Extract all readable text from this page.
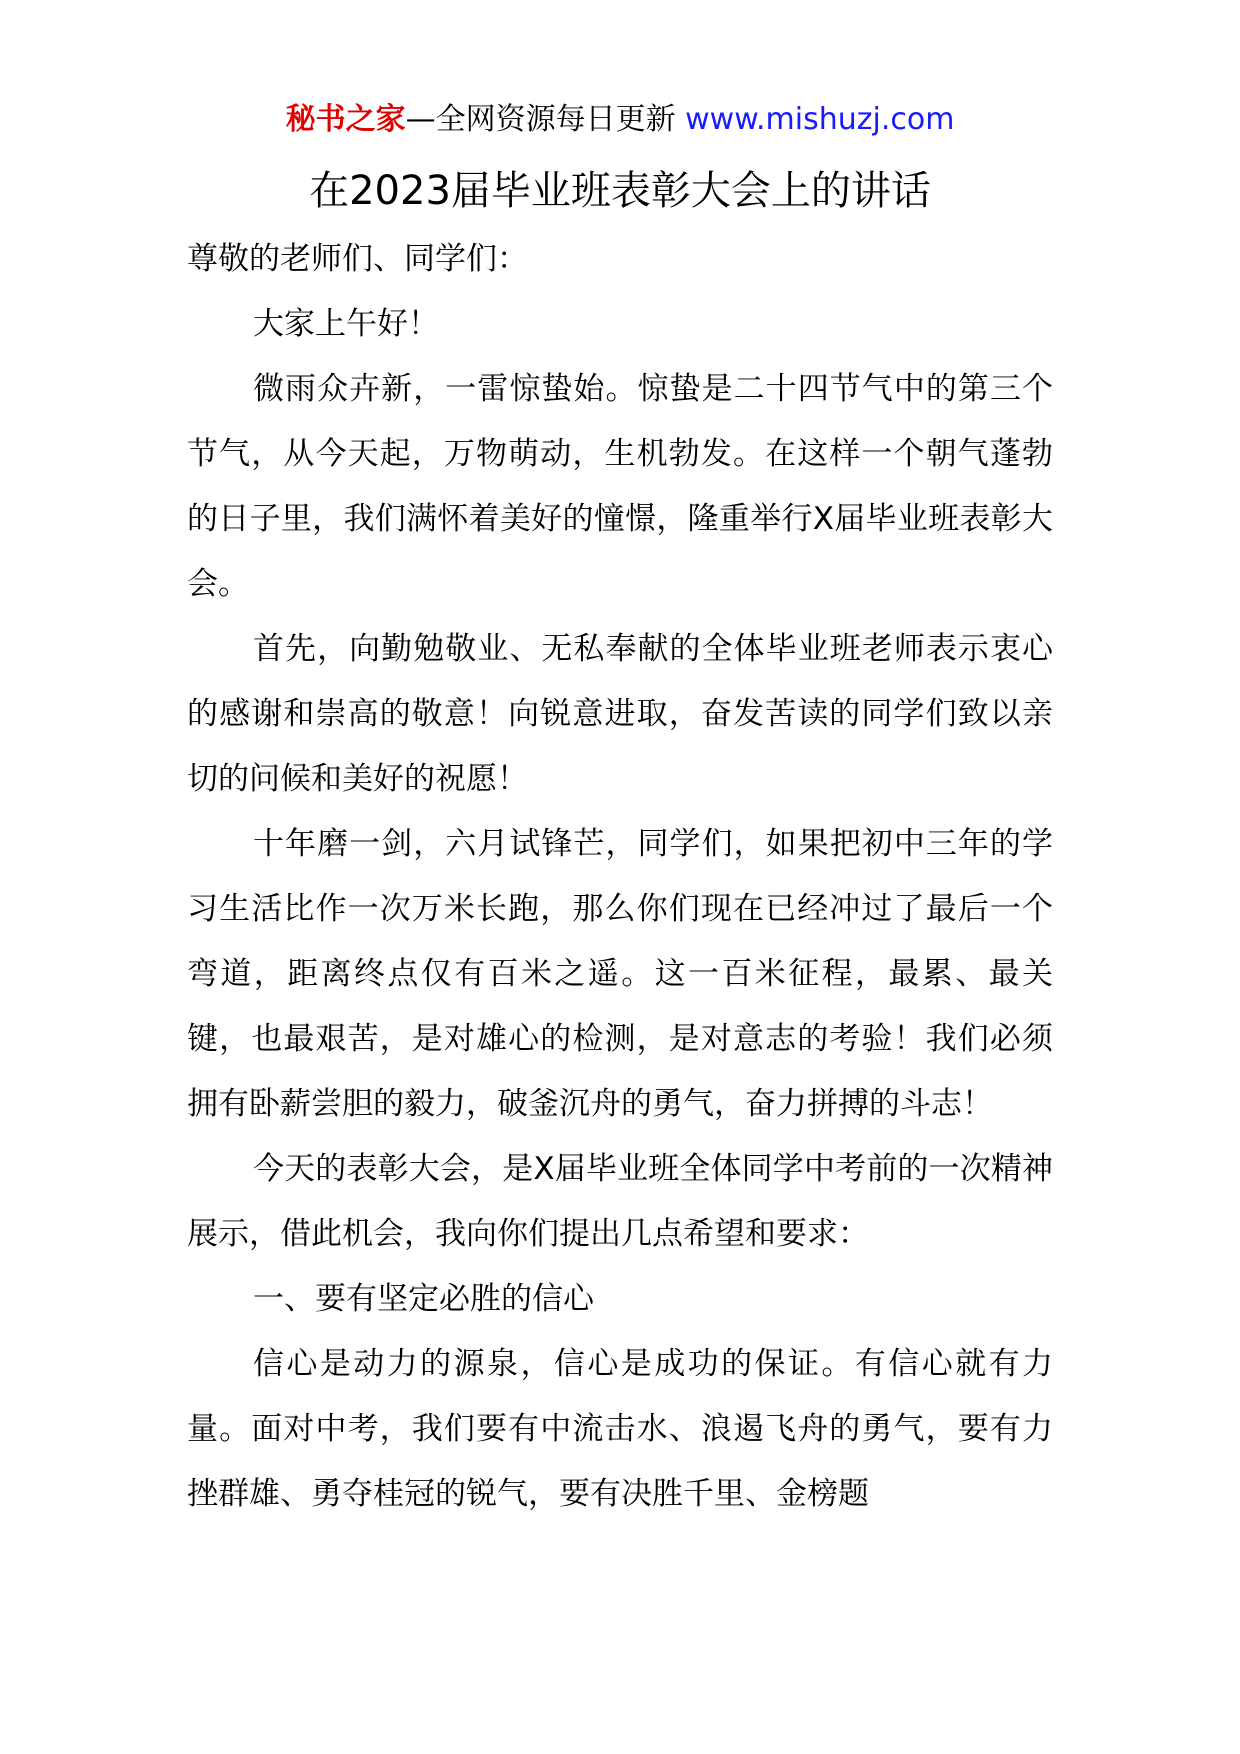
秘书之家—全网资源每日更新 www.mishuzj.com
在2023届毕业班表彰大会上的讲话

尊敬的老师们、同学们：

大家上午好！

微雨众卉新，一雷惊蛰始。惊蛰是二十四节气中的第三个节气，从今天起，万物萌动，生机勃发。在这样一个朝气蓬勃的日子里，我们满怀着美好的憧憬，隆重举行X届毕业班表彰大会。

首先，向勤勉敬业、无私奉献的全体毕业班老师表示衷心的感谢和崇高的敬意！向锐意进取，奋发苦读的同学们致以亲切的问候和美好的祝愿！

十年磨一剑，六月试锋芒，同学们，如果把初中三年的学习生活比作一次万米长跑，那么你们现在已经冲过了最后一个弯道，距离终点仅有百米之遥。这一百米征程，最累、最关键，也最艰苦，是对雄心的检测，是对意志的考验！我们必须拥有卧薪尝胆的毅力，破釜沉舟的勇气，奋力拼搏的斗志！

今天的表彰大会，是X届毕业班全体同学中考前的一次精神展示，借此机会，我向你们提出几点希望和要求：

一、要有坚定必胜的信心

信心是动力的源泉，信心是成功的保证。有信心就有力量。面对中考，我们要有中流击水、浪遏飞舟的勇气，要有力挫群雄、勇夺桂冠的锐气，要有决胜千里、金榜题
